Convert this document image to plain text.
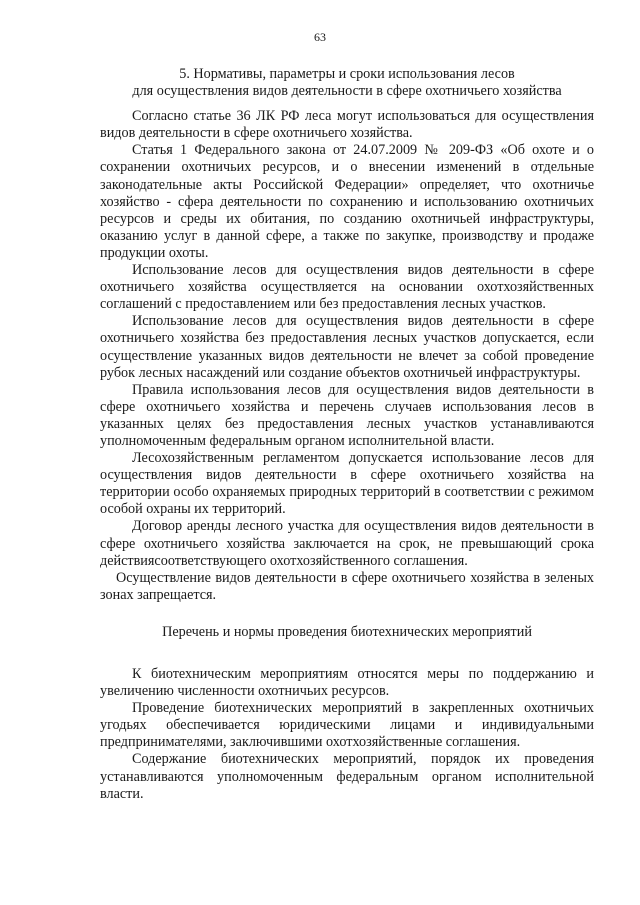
63
5. Нормативы, параметры и сроки использования лесов
для осуществления видов деятельности в сфере охотничьего хозяйства

Согласно статье 36 ЛК РФ леса могут использоваться для осуществления видов деятельности в сфере охотничьего хозяйства.

Статья 1 Федерального закона от 24.07.2009 № 209-ФЗ «Об охоте и о сохранении охотничьих ресурсов, и о внесении изменений в отдельные законодательные акты Российской Федерации» определяет, что охотничье хозяйство - сфера деятельности по сохранению и использованию охотничьих ресурсов и среды их обитания, по созданию охотничьей инфраструктуры, оказанию услуг в данной сфере, а также по закупке, производству и продаже продукции охоты.

Использование лесов для осуществления видов деятельности в сфере охотничьего хозяйства осуществляется на основании охотхозяйственных соглашений с предоставлением или без предоставления лесных участков.

Использование лесов для осуществления видов деятельности в сфере охотничьего хозяйства без предоставления лесных участков допускается, если осуществление указанных видов деятельности не влечет за собой проведение рубок лесных насаждений или создание объектов охотничьей инфраструктуры.

Правила использования лесов для осуществления видов деятельности в сфере охотничьего хозяйства и перечень случаев использования лесов в указанных целях без предоставления лесных участков устанавливаются уполномоченным федеральным органом исполнительной власти.

Лесохозяйственным регламентом допускается использование лесов для осуществления видов деятельности в сфере охотничьего хозяйства на территории особо охраняемых природных территорий в соответствии с режимом особой охраны их территорий.

Договор аренды лесного участка для осуществления видов деятельности в сфере охотничьего хозяйства заключается на срок, не превышающий срока действиясоответствующего охотхозяйственного соглашения.

Осуществление видов деятельности в сфере охотничьего хозяйства в зеленых зонах запрещается.

Перечень и нормы проведения биотехнических мероприятий

К биотехническим мероприятиям относятся меры по поддержанию и увеличению численности охотничьих ресурсов.

Проведение биотехнических мероприятий в закрепленных охотничьих угодьях обеспечивается юридическими лицами и индивидуальными предпринимателями, заключившими охотхозяйственные соглашения.

Содержание биотехнических мероприятий, порядок их проведения устанавливаются уполномоченным федеральным органом исполнительной власти.
